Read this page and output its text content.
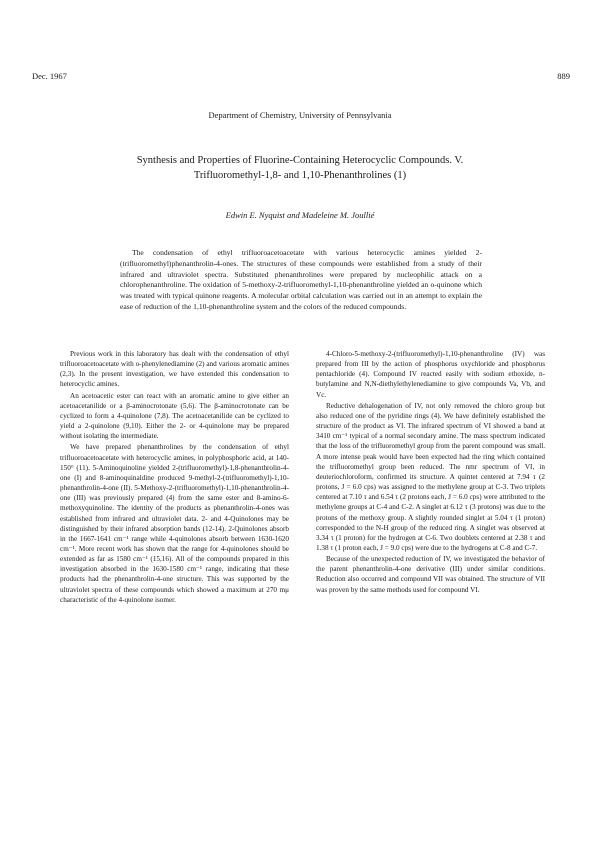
Dec. 1967	889
Department of Chemistry, University of Pennsylvania
Synthesis and Properties of Fluorine-Containing Heterocyclic Compounds. V.
Trifluoromethyl-1,8- and 1,10-Phenanthrolines (1)
Edwin E. Nyquist and Madeleine M. Joullié

The condensation of ethyl trifluoroacetoacetate with various heterocyclic amines yielded 2-(trifluoromethyl)phenanthrolin-4-ones. The structures of these compounds were established from a study of their infrared and ultraviolet spectra. Substituted phenanthrolines were prepared by nucleophilic attack on a chlorophenanthroline. The oxidation of 5-methoxy-2-trifluoromethyl-1,10-phenanthroline yielded an o-quinone which was treated with typical quinone reagents. A molecular orbital calculation was carried out in an attempt to explain the ease of reduction of the 1,10-phenanthroline system and the colors of the reduced compounds.

Previous work in this laboratory has dealt with the condensation of ethyl trifluoroacetoacetate with o-phenylenediamine (2) and various aromatic amines (2,3). In the present investigation, we have extended this condensation to heterocyclic amines.

An acetoacetic ester can react with an aromatic amine to give either an acetoacetanilide or a β-aminocrotonate (5,6). The β-aminocrotonate can be cyclized to form a 4-quinolone (7,8). The acetoacetanilide can be cyclized to yield a 2-quinolone (9,10). Either the 2- or 4-quinolone may be prepared without isolating the intermediate.

We have prepared phenanthrolines by the condensation of ethyl trifluoroacetoacetate with heterocyclic amines, in polyphosphoric acid, at 140-150° (11). 5-Aminoquinoline yielded 2-(trifluoromethyl)-1,8-phenanthrolin-4-one (I) and 8-aminoquinaldine produced 9-methyl-2-(trifluoromethyl)-1,10-phenanthrolin-4-one (II). 5-Methoxy-2-(trifluoromethyl)-1,10-phenanthrolin-4-one (III) was previously prepared (4) from the same ester and 8-amino-6-methoxyquinoline. The identity of the products as phenanthrolin-4-ones was established from infrared and ultraviolet data. 2- and 4-Quinolones may be distinguished by their infrared absorption bands (12-14). 2-Quinolones absorb in the 1667-1641 cm⁻¹ range while 4-quinolones absorb between 1630-1620 cm⁻¹. More recent work has shown that the range for 4-quinolones should be extended as far as 1580 cm⁻¹ (15,16). All of the compounds prepared in this investigation absorbed in the 1630-1580 cm⁻¹ range, indicating that these products had the phenanthrolin-4-one structure. This was supported by the ultraviolet spectra of these compounds which showed a maximum at 270 mμ characteristic of the 4-quinolone isomer.

4-Chloro-5-methoxy-2-(trifluoromethyl)-1,10-phenanthroline (IV) was prepared from III by the action of phosphorus oxychloride and phosphorus pentachloride (4). Compound IV reacted easily with sodium ethoxide, n-butylamine and N,N-diethylethylenediamine to give compounds Va, Vb, and Vc.

Reductive dehalogenation of IV, not only removed the chloro group but also reduced one of the pyridine rings (4). We have definitely established the structure of the product as VI. The infrared spectrum of VI showed a band at 3410 cm⁻¹ typical of a normal secondary amine. The mass spectrum indicated that the loss of the trifluoromethyl group from the parent compound was small. A more intense peak would have been expected had the ring which contained the trifluoromethyl group been reduced. The nmr spectrum of VI, in deuteriochloroform, confirmed its structure. A quintet centered at 7.94 τ (2 protons, J = 6.0 cps) was assigned to the methylene group at C-3. Two triplets centered at 7.10 τ and 6.54 τ (2 protons each, J = 6.0 cps) were attributed to the methylene groups at C-4 and C-2. A singlet at 6.12 τ (3 protons) was due to the protons of the methoxy group. A slightly rounded singlet at 5.04 τ (1 proton) corresponded to the N-H group of the reduced ring. A singlet was observed at 3.34 τ (1 proton) for the hydrogen at C-6. Two doublets centered at 2.38 τ and 1.38 τ (1 proton each, J = 9.0 cps) were due to the hydrogens at C-8 and C-7.

Because of the unexpected reduction of IV, we investigated the behavior of the parent phenanthrolin-4-one derivative (III) under similar conditions. Reduction also occurred and compound VII was obtained. The structure of VII was proven by the same methods used for compound VI.
